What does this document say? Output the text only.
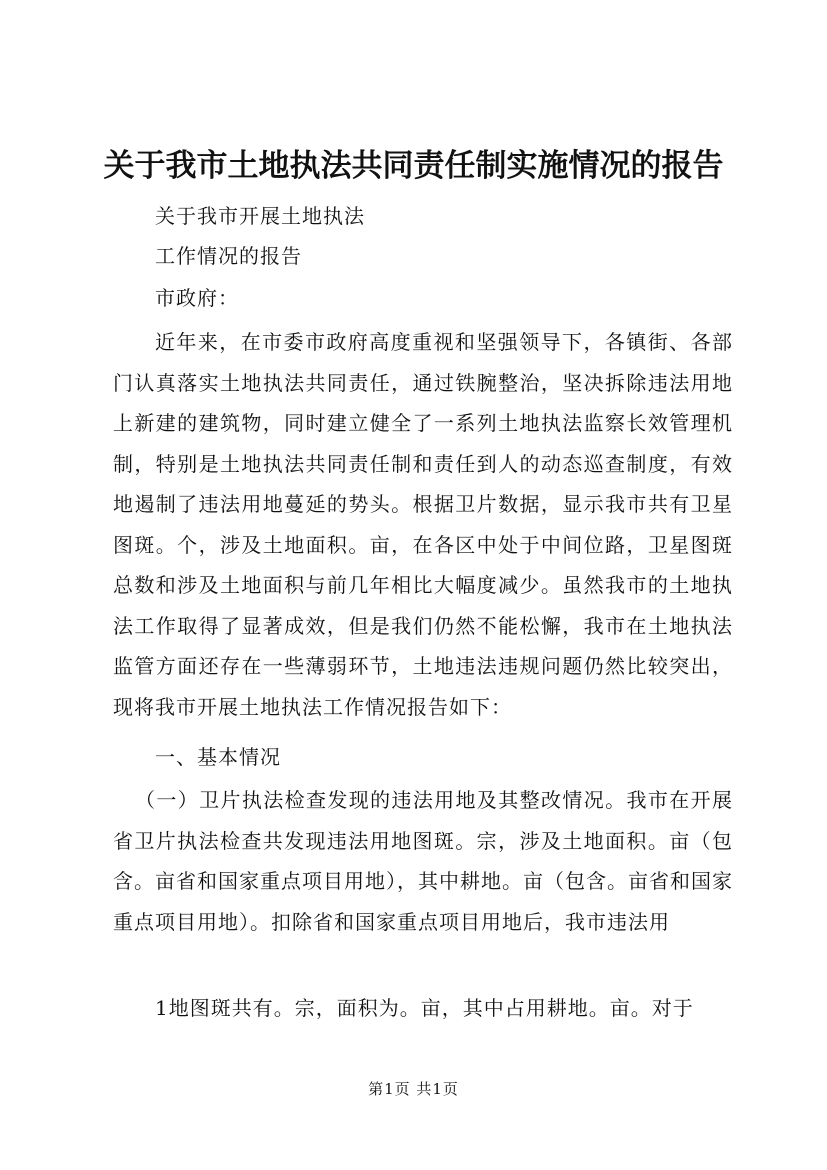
关于我市土地执法共同责任制实施情况的报告
关于我市开展土地执法
工作情况的报告
市政府：
近年来，在市委市政府高度重视和坚强领导下，各镇街、各部门认真落实土地执法共同责任，通过铁腕整治，坚决拆除违法用地上新建的建筑物，同时建立健全了一系列土地执法监察长效管理机制，特别是土地执法共同责任制和责任到人的动态巡查制度，有效地遏制了违法用地蔓延的势头。根据卫片数据，显示我市共有卫星图斑。个，涉及土地面积。亩，在各区中处于中间位路，卫星图斑总数和涉及土地面积与前几年相比大幅度减少。虽然我市的土地执法工作取得了显著成效，但是我们仍然不能松懈，我市在土地执法监管方面还存在一些薄弱环节，土地违法违规问题仍然比较突出，现将我市开展土地执法工作情况报告如下：
一、基本情况
（一）卫片执法检查发现的违法用地及其整改情况。我市在开展省卫片执法检查共发现违法用地图斑。宗，涉及土地面积。亩（包含。亩省和国家重点项目用地），其中耕地。亩（包含。亩省和国家重点项目用地）。扣除省和国家重点项目用地后，我市违法用
1地图斑共有。宗，面积为。亩，其中占用耕地。亩。对于
第1页 共1页
